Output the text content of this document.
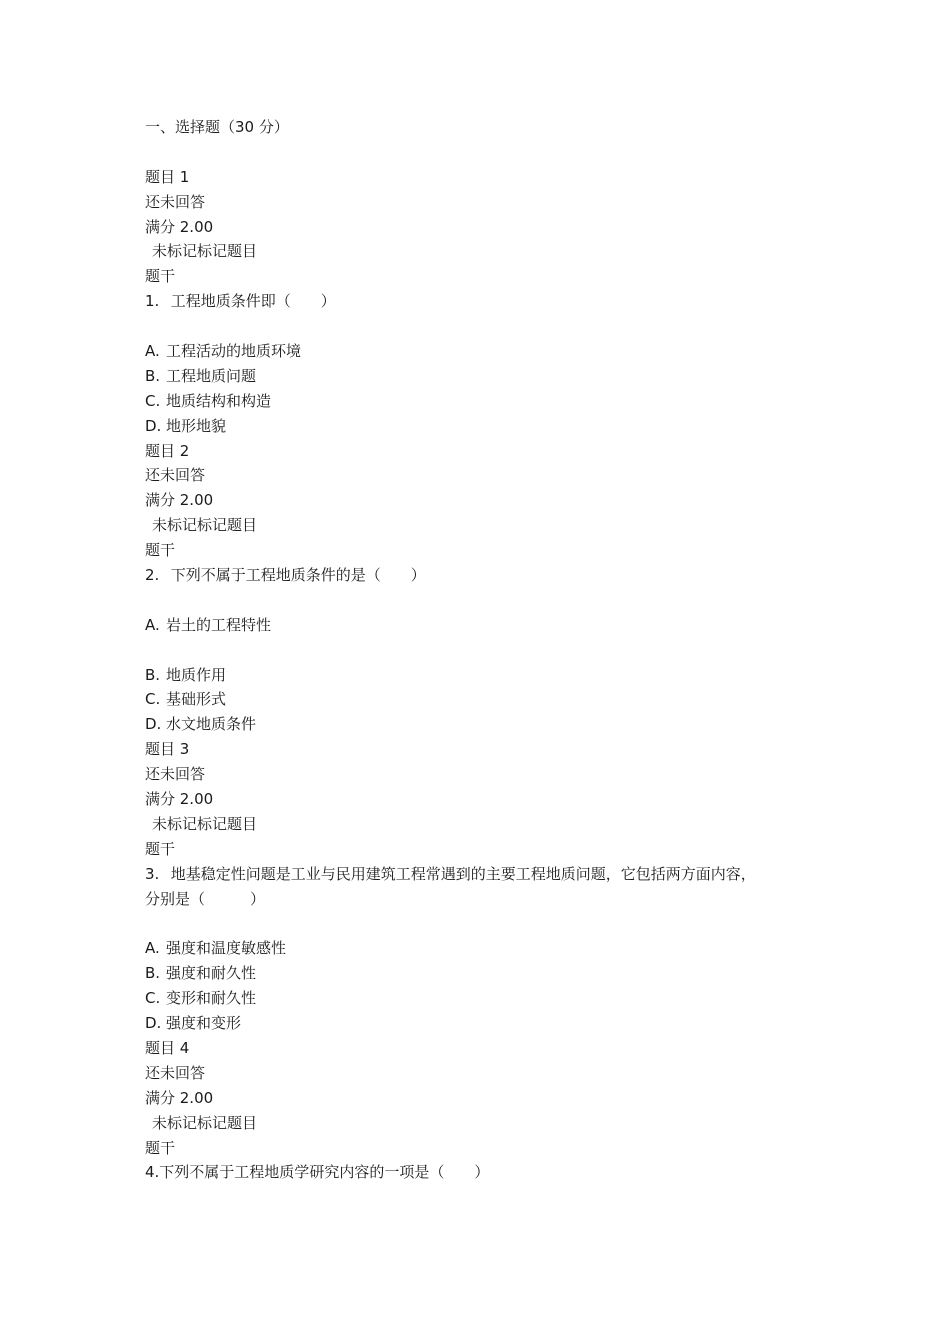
一、选择题（30 分）
题目 1
还未回答
满分 2.00
未标记标记题目
题干
1. 工程地质条件即（　　）
A. 工程活动的地质环境
B. 工程地质问题
C. 地质结构和构造
D. 地形地貌
题目 2
还未回答
满分 2.00
未标记标记题目
题干
2. 下列不属于工程地质条件的是（　　）
A. 岩土的工程特性
B. 地质作用
C. 基础形式
D. 水文地质条件
题目 3
还未回答
满分 2.00
未标记标记题目
题干
3. 地基稳定性问题是工业与民用建筑工程常遇到的主要工程地质问题，它包括两方面内容，
分别是（　　　）
A. 强度和温度敏感性
B. 强度和耐久性
C. 变形和耐久性
D. 强度和变形
题目 4
还未回答
满分 2.00
未标记标记题目
题干
4.下列不属于工程地质学研究内容的一项是（　　）
